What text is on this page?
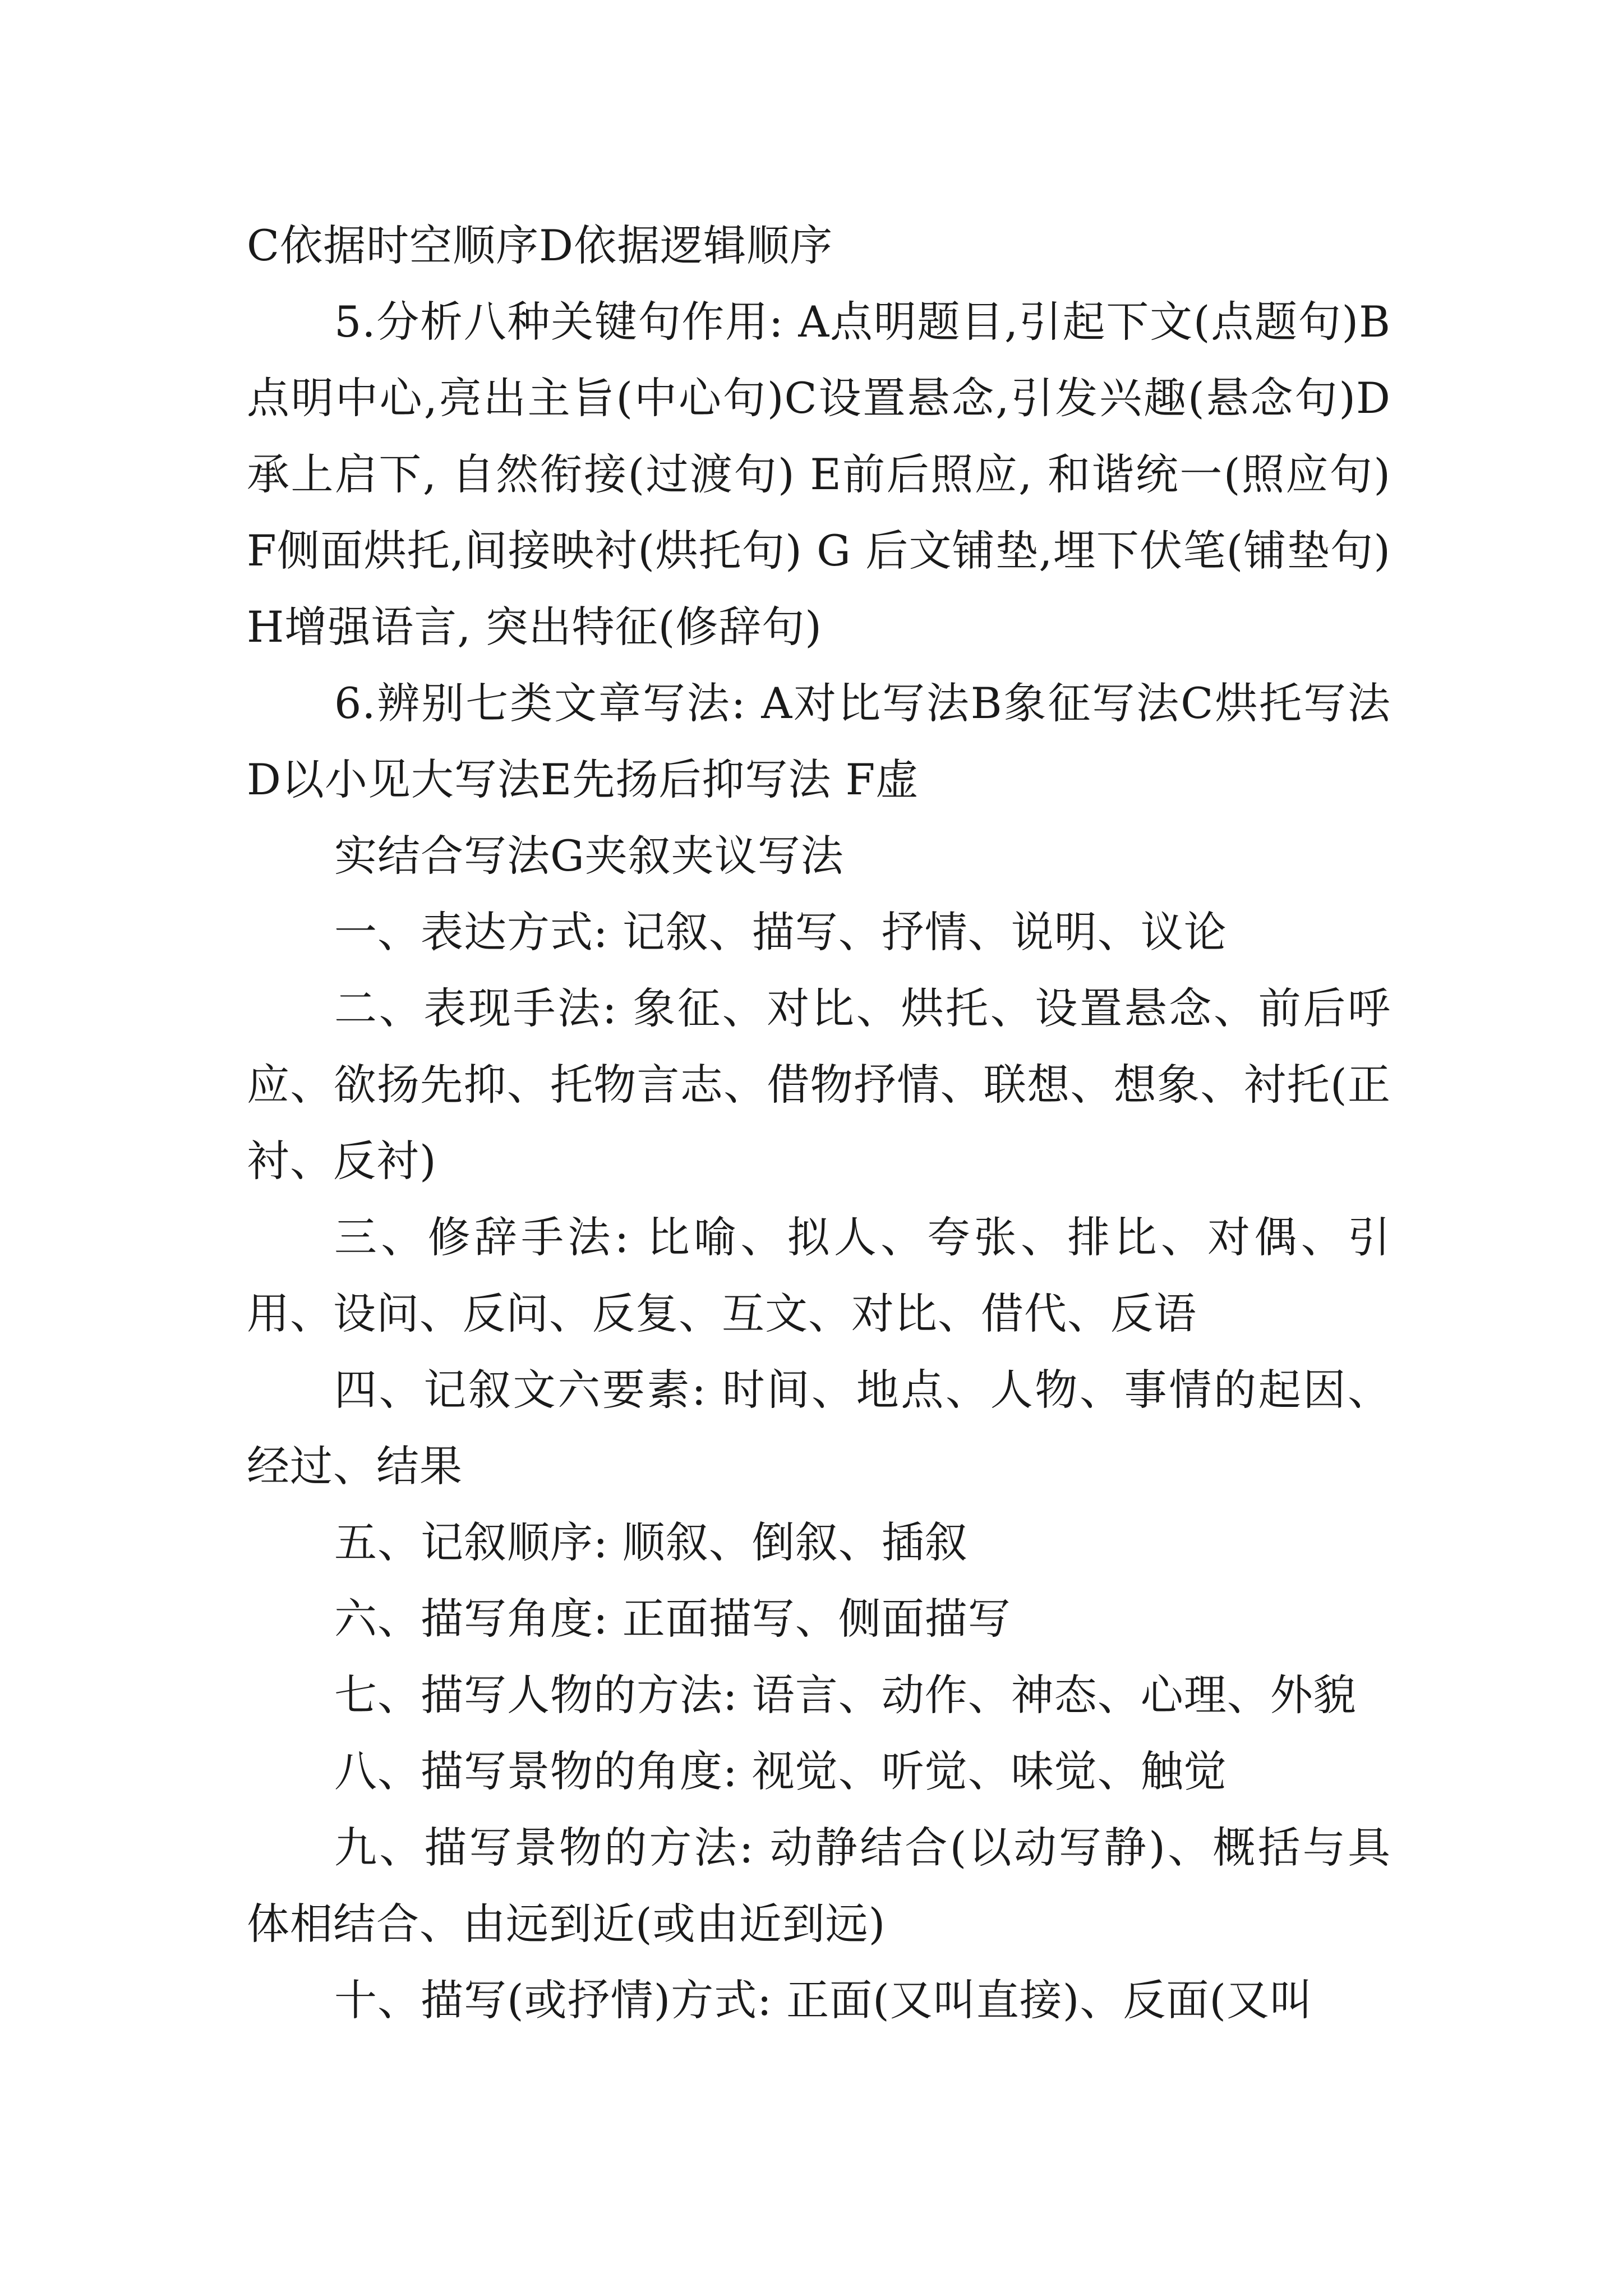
C依据时空顺序D依据逻辑顺序

5.分析八种关键句作用: A点明题目,引起下文(点题句)B点明中心,亮出主旨(中心句)C设置悬念,引发兴趣(悬念句)D承上启下, 自然衔接(过渡句) E前后照应, 和谐统一(照应句)F侧面烘托,间接映衬(烘托句) G 后文铺垫,埋下伏笔(铺垫句)H增强语言, 突出特征(修辞句)

6.辨别七类文章写法: A对比写法B象征写法C烘托写法D以小见大写法E先扬后抑写法 F虚

实结合写法G夹叙夹议写法

一、表达方式: 记叙、描写、抒情、说明、议论

二、表现手法: 象征、对比、烘托、设置悬念、前后呼应、欲扬先抑、托物言志、借物抒情、联想、想象、衬托(正衬、反衬)

三、修辞手法: 比喻、拟人、夸张、排比、对偶、引用、设问、反问、反复、互文、对比、借代、反语

四、记叙文六要素: 时间、地点、人物、事情的起因、经过、结果

五、记叙顺序: 顺叙、倒叙、插叙

六、描写角度: 正面描写、侧面描写

七、描写人物的方法: 语言、动作、神态、心理、外貌

八、描写景物的角度: 视觉、听觉、味觉、触觉

九、描写景物的方法: 动静结合(以动写静)、概括与具体相结合、由远到近(或由近到远)

十、描写(或抒情)方式: 正面(又叫直接)、反面(又叫
